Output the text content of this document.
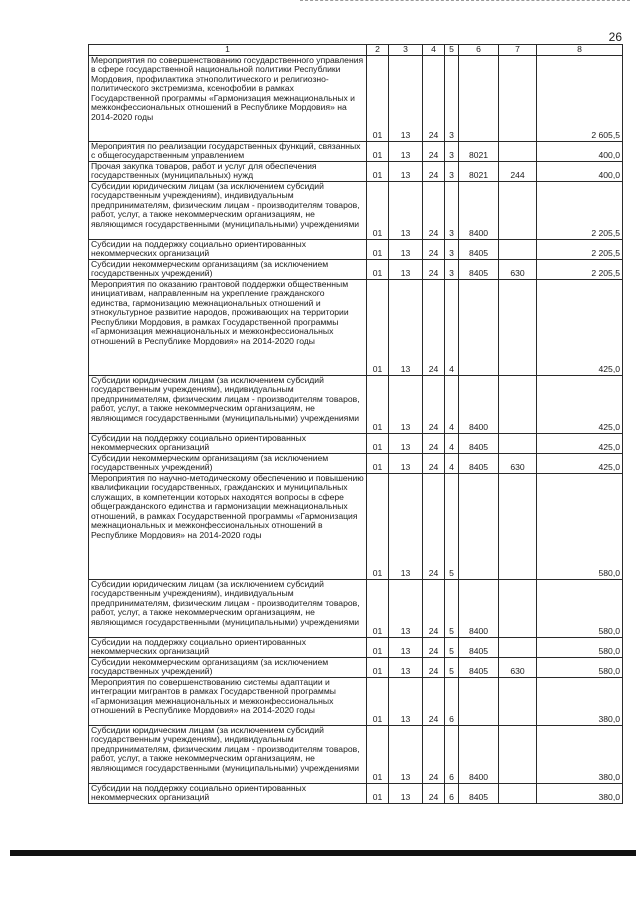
26
1	2	3	4	5	6	7	8
Мероприятия по совершенствованию государственного управления в сфере государственной национальной политики Республики Мордовия, профилактика этнополитического и религиозно-политического экстремизма, ксенофобии в рамках Государственной программы «Гармонизация межнациональных и межконфессиональных отношений в Республике Мордовия» на 2014-2020 годы	01	13	24	3			2 605,5
Мероприятия по реализации государственных функций, связанных с общегосударственным управлением	01	13	24	3	8021		400,0
Прочая закупка товаров, работ и услуг для обеспечения государственных (муниципальных) нужд	01	13	24	3	8021	244	400,0
Субсидии юридическим лицам (за исключением субсидий государственным учреждениям), индивидуальным предпринимателям, физическим лицам - производителям товаров, работ, услуг, а также некоммерческим организациям, не являющимся государственными (муниципальными) учреждениями	01	13	24	3	8400		2 205,5
Субсидии на поддержку социально ориентированных некоммерческих организаций	01	13	24	3	8405		2 205,5
Субсидии некоммерческим организациям (за исключением государственных учреждений)	01	13	24	3	8405	630	2 205,5
Мероприятия по оказанию грантовой поддержки общественным инициативам, направленным на укрепление гражданского единства, гармонизацию межнациональных отношений и этнокультурное развитие народов, проживающих на территории Республики Мордовия, в рамках Государственной программы «Гармонизация межнациональных и межконфессиональных отношений в Республике Мордовия» на 2014-2020 годы	01	13	24	4			425,0
Субсидии юридическим лицам (за исключением субсидий государственным учреждениям), индивидуальным предпринимателям, физическим лицам - производителям товаров, работ, услуг, а также некоммерческим организациям, не являющимся государственными (муниципальными) учреждениями	01	13	24	4	8400		425,0
Субсидии на поддержку социально ориентированных некоммерческих организаций	01	13	24	4	8405		425,0
Субсидии некоммерческим организациям (за исключением государственных учреждений)	01	13	24	4	8405	630	425,0
Мероприятия по научно-методическому обеспечению и повышению квалификации государственных, гражданских и муниципальных служащих, в компетенции которых находятся вопросы в сфере общегражданского единства и гармонизации межнациональных отношений, в рамках Государственной программы «Гармонизация межнациональных и межконфессиональных отношений в Республике Мордовия» на 2014-2020 годы	01	13	24	5			580,0
Субсидии юридическим лицам (за исключением субсидий государственным учреждениям), индивидуальным предпринимателям, физическим лицам - производителям товаров, работ, услуг, а также некоммерческим организациям, не являющимся государственными (муниципальными) учреждениями	01	13	24	5	8400		580,0
Субсидии на поддержку социально ориентированных некоммерческих организаций	01	13	24	5	8405		580,0
Субсидии некоммерческим организациям (за исключением государственных учреждений)	01	13	24	5	8405	630	580,0
Мероприятия по совершенствованию системы адаптации и интеграции мигрантов в рамках Государственной программы «Гармонизация межнациональных и межконфессиональных отношений в Республике Мордовия» на 2014-2020 годы	01	13	24	6			380,0
Субсидии юридическим лицам (за исключением субсидий государственным учреждениям), индивидуальным предпринимателям, физическим лицам - производителям товаров, работ, услуг, а также некоммерческим организациям, не являющимся государственными (муниципальными) учреждениями	01	13	24	6	8400		380,0
Субсидии на поддержку социально ориентированных некоммерческих организаций	01	13	24	6	8405		380,0
